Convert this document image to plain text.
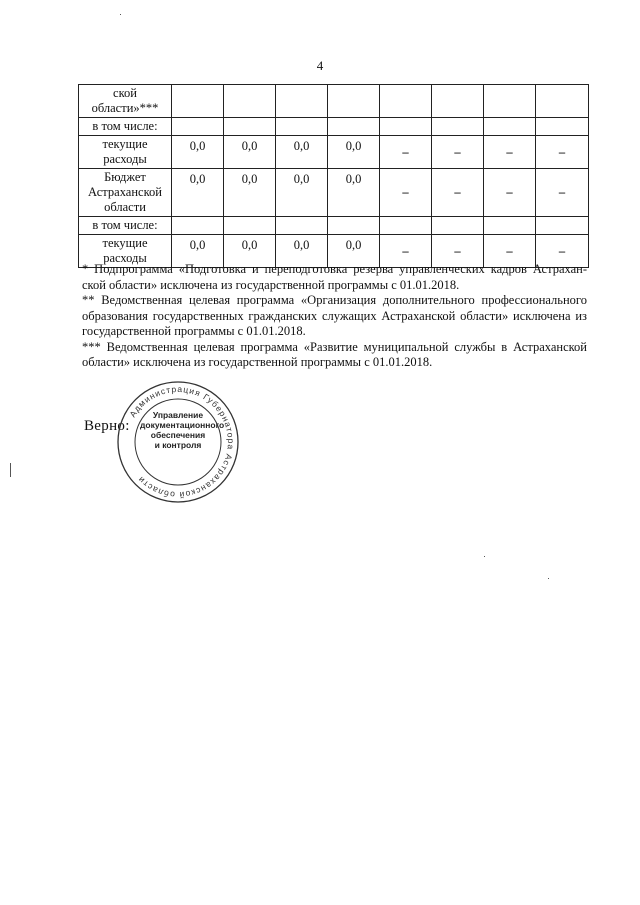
4
ской области»***								
в том числе:								
текущие расходы	0,0	0,0	0,0	0,0	–	–	–	–
Бюджет Астраханской области	0,0	0,0	0,0	0,0	–	–	–	–
в том числе:								
текущие расходы	0,0	0,0	0,0	0,0	–	–	–	–

* Подпрограмма «Подготовка и переподготовка резерва управленческих кадров Астрахан-ской области» исключена из государственной программы с 01.01.2018.

** Ведомственная целевая программа «Организация дополнительного профессионального образования государственных гражданских служащих Астраханской области» исключена из государственной программы с 01.01.2018.

*** Ведомственная целевая программа «Развитие муниципальной службы в Астраханской области» исключена из государственной программы с 01.01.2018.

Верно:
Администрация Губернатора Астраханской области
Управление
документационного
обеспечения
и контроля
